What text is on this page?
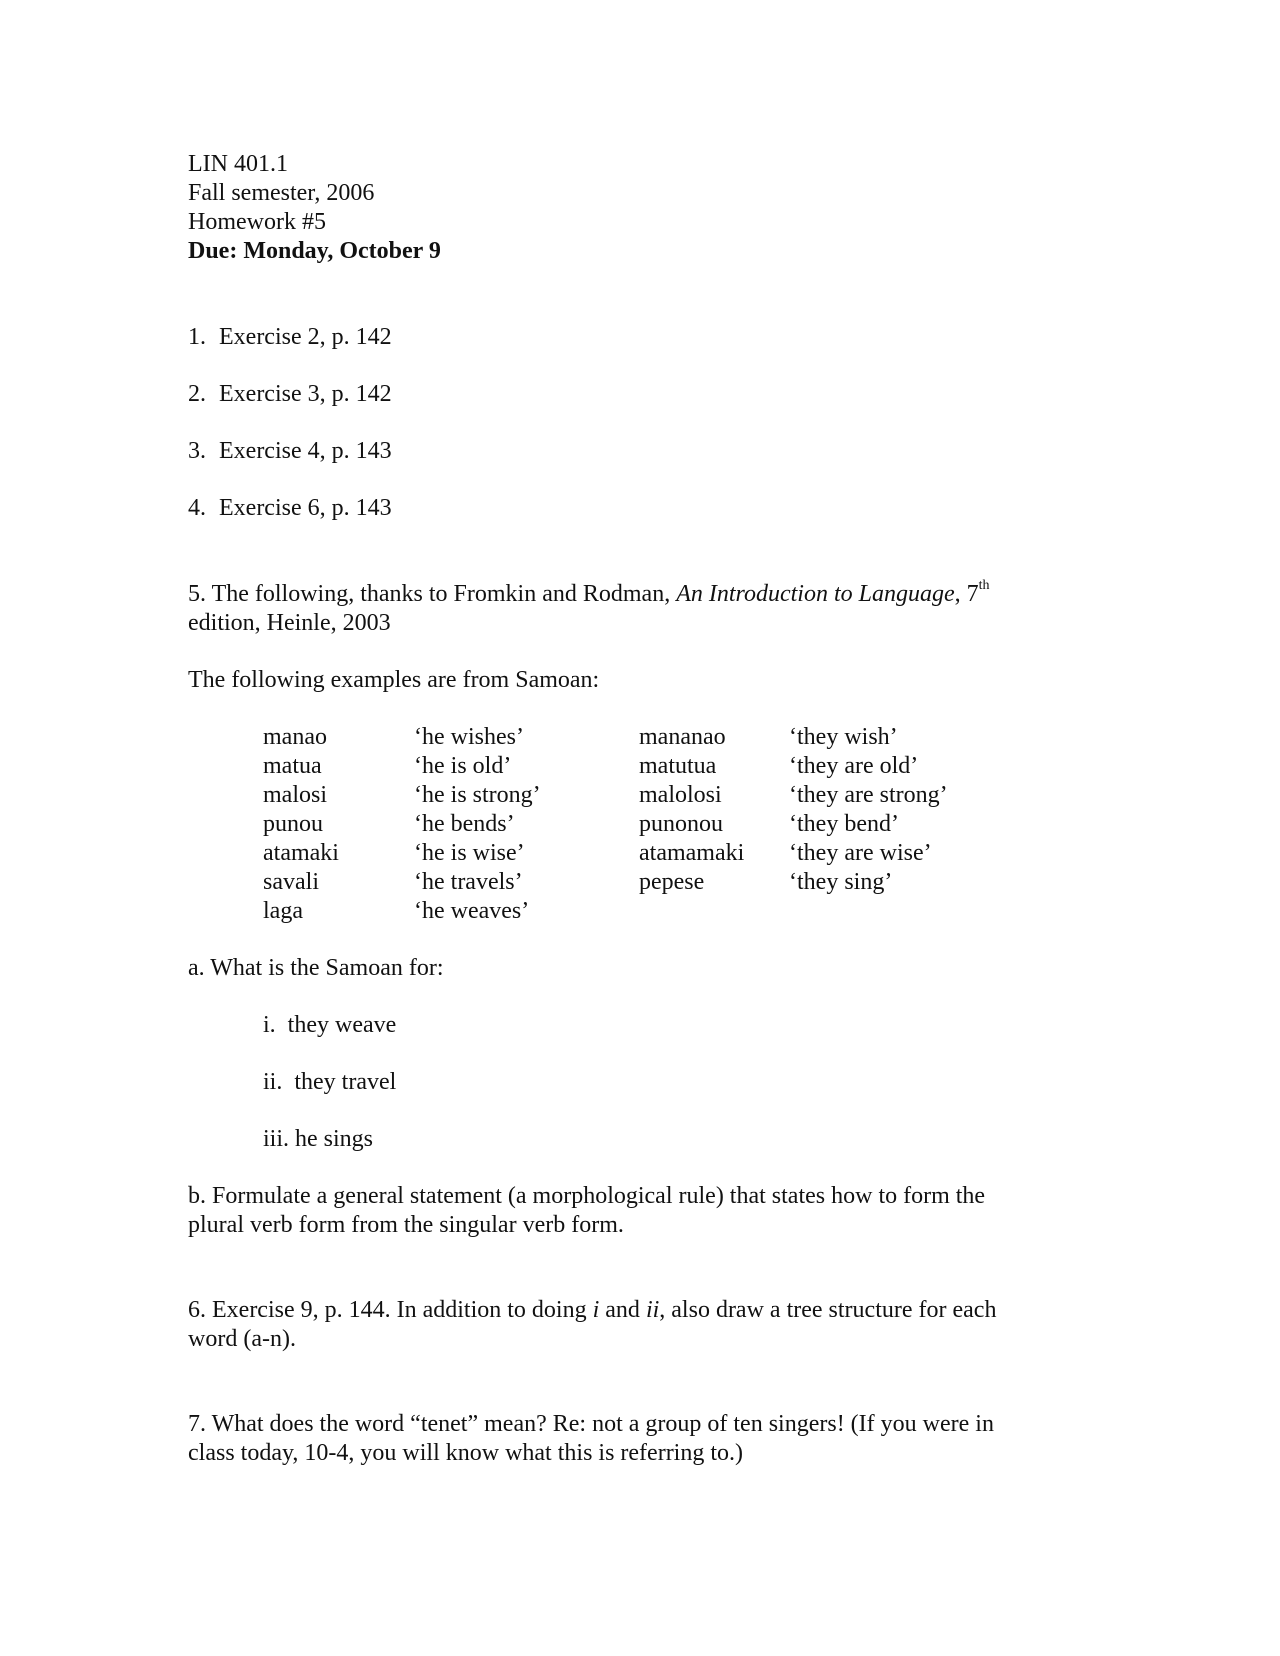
LIN 401.1
Fall semester, 2006
Homework #5
Due: Monday, October 9
1. Exercise 2, p. 142
2. Exercise 3, p. 142
3. Exercise 4, p. 143
4. Exercise 6, p. 143
5. The following, thanks to Fromkin and Rodman, An Introduction to Language, 7th
edition, Heinle, 2003
The following examples are from Samoan:
manao	‘he wishes’	mananao	‘they wish’
matua	‘he is old’	matutua	‘they are old’
malosi	‘he is strong’	malolosi	‘they are strong’
punou	‘he bends’	punonou	‘they bend’
atamaki	‘he is wise’	atamamaki	‘they are wise’
savali	‘he travels’	pepese	‘they sing’
laga	‘he weaves’		
a. What is the Samoan for:
i. they weave
ii. they travel
iii. he sings
b. Formulate a general statement (a morphological rule) that states how to form the plural verb form from the singular verb form.
6. Exercise 9, p. 144. In addition to doing i and ii, also draw a tree structure for each word (a-n).
7. What does the word “tenet” mean? Re: not a group of ten singers! (If you were in class today, 10-4, you will know what this is referring to.)
